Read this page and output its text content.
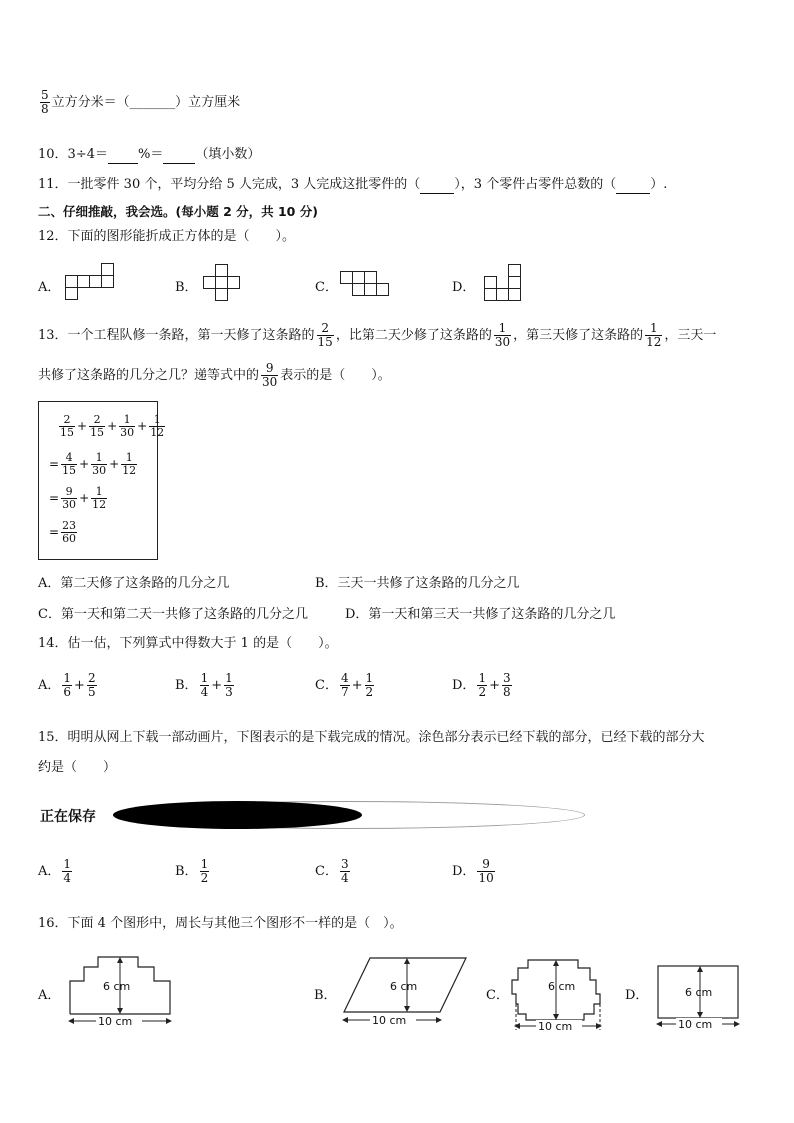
$\frac{5}{8}$ 立方分米＝（_______）立方厘米
10．3÷4＝ %＝ （填小数）
11．一批零件 30 个，平均分给 5 人完成，3 人完成这批零件的（	），3 个零件占零件总数的（	）.
二、仔细推敲，我会选。(每小题 2 分，共 10 分)
12．下面的图形能折成正方体的是（　　）。
A．	B．	C．	D．
13．一个工程队修一条路，第一天修了这条路的 $\frac{2}{15}$ ，比第二天少修了这条路的 $\frac{1}{30}$ ，第三天修了这条路的 $\frac{1}{12}$ ，三天一
共修了这条路的几分之几？递等式中的 $\frac{9}{30}$ 表示的是（　　）。
$\frac{2}{15} + \frac{2}{15} + \frac{1}{30} + \frac{1}{12}$
= $\frac{4}{15} + \frac{1}{30} + \frac{1}{12}$
= $\frac{9}{30} + \frac{1}{12}$
= $\frac{23}{60}$
A．第二天修了这条路的几分之几	B．三天一共修了这条路的几分之几
C．第一天和第二天一共修了这条路的几分之几	D．第一天和第三天一共修了这条路的几分之几
14．估一估，下列算式中得数大于 1 的是（　　）。
A． $\frac{1}{6} + \frac{2}{5}$	B． $\frac{1}{4} + \frac{1}{3}$	C． $\frac{4}{7} + \frac{1}{2}$	D． $\frac{1}{2} + \frac{3}{8}$
15．明明从网上下载一部动画片，下图表示的是下载完成的情况。涂色部分表示已经下载的部分，已经下载的部分大
约是（　　）
正在保存
A． $\frac{1}{4}$	B． $\frac{1}{2}$	C． $\frac{3}{4}$	D． $\frac{9}{10}$
16．下面 4 个图形中，周长与其他三个图形不一样的是（　）。
A．
6 cm
10 cm
B．
6 cm
10 cm
C．
6 cm
10 cm
D．	6 cm
10 cm
